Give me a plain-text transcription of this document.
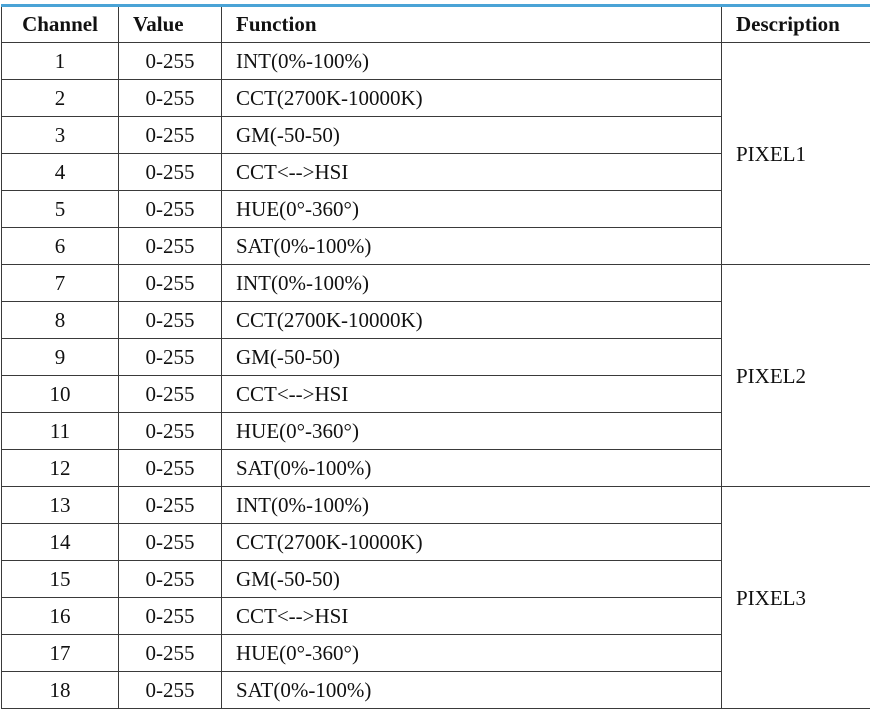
Channel	Value	Function	Description
1	0-255	INT(0%-100%)	PIXEL1
2	0-255	CCT(2700K-10000K)	
3	0-255	GM(-50-50)	
4	0-255	CCT<-->HSI	
5	0-255	HUE(0°-360°)	
6	0-255	SAT(0%-100%)	
7	0-255	INT(0%-100%)	PIXEL2
8	0-255	CCT(2700K-10000K)	
9	0-255	GM(-50-50)	
10	0-255	CCT<-->HSI	
11	0-255	HUE(0°-360°)	
12	0-255	SAT(0%-100%)	
13	0-255	INT(0%-100%)	PIXEL3
14	0-255	CCT(2700K-10000K)	
15	0-255	GM(-50-50)	
16	0-255	CCT<-->HSI	
17	0-255	HUE(0°-360°)	
18	0-255	SAT(0%-100%)	
